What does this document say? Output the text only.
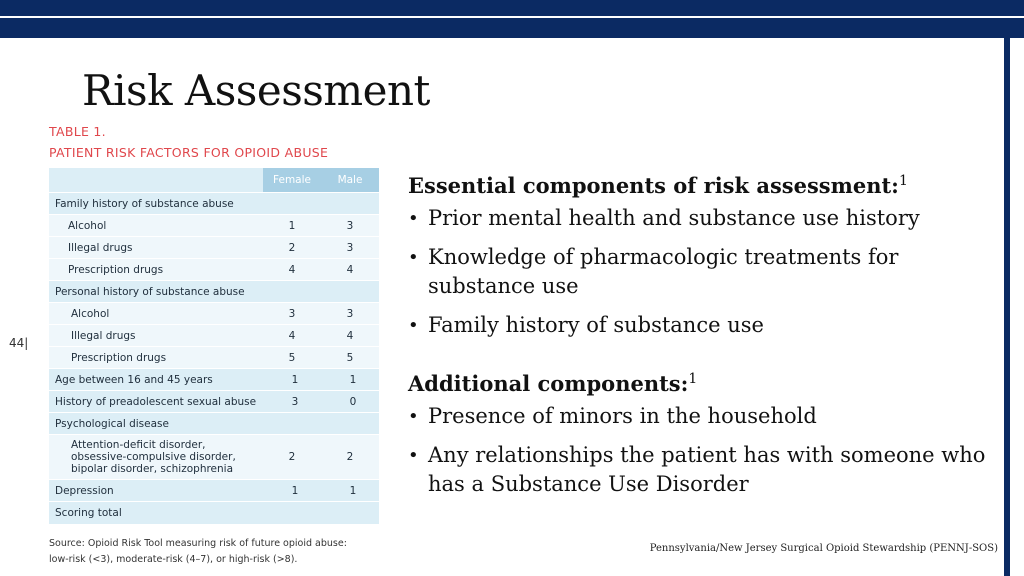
Risk Assessment
44|
TABLE 1.
PATIENT RISK FACTORS FOR OPIOID ABUSE
	Female	Male
Family history of substance abuse		
Alcohol	1	3
Illegal drugs	2	3
Prescription drugs	4	4
Personal history of substance abuse		
Alcohol	3	3
Illegal drugs	4	4
Prescription drugs	5	5
Age between 16 and 45 years	1	1
History of preadolescent sexual abuse	3	0
Psychological disease		

Attention-deficit disorder,
obsessive-compulsive disorder,
bipolar disorder, schizophrenia	2	2
Depression	1	1
Scoring total		
Source: Opioid Risk Tool measuring risk of future opioid abuse:
low-risk (<3), moderate-risk (4–7), or high-risk (>8).
Essential components of risk assessment:$^1$
• Prior mental health and substance use history
• Knowledge of pharmacologic treatments for substance use
• Family history of substance use
Additional components:$^1$
• Presence of minors in the household
• Any relationships the patient has with someone who has a Substance Use Disorder
Pennsylvania/New Jersey Surgical Opioid Stewardship (PENNJ-SOS)
